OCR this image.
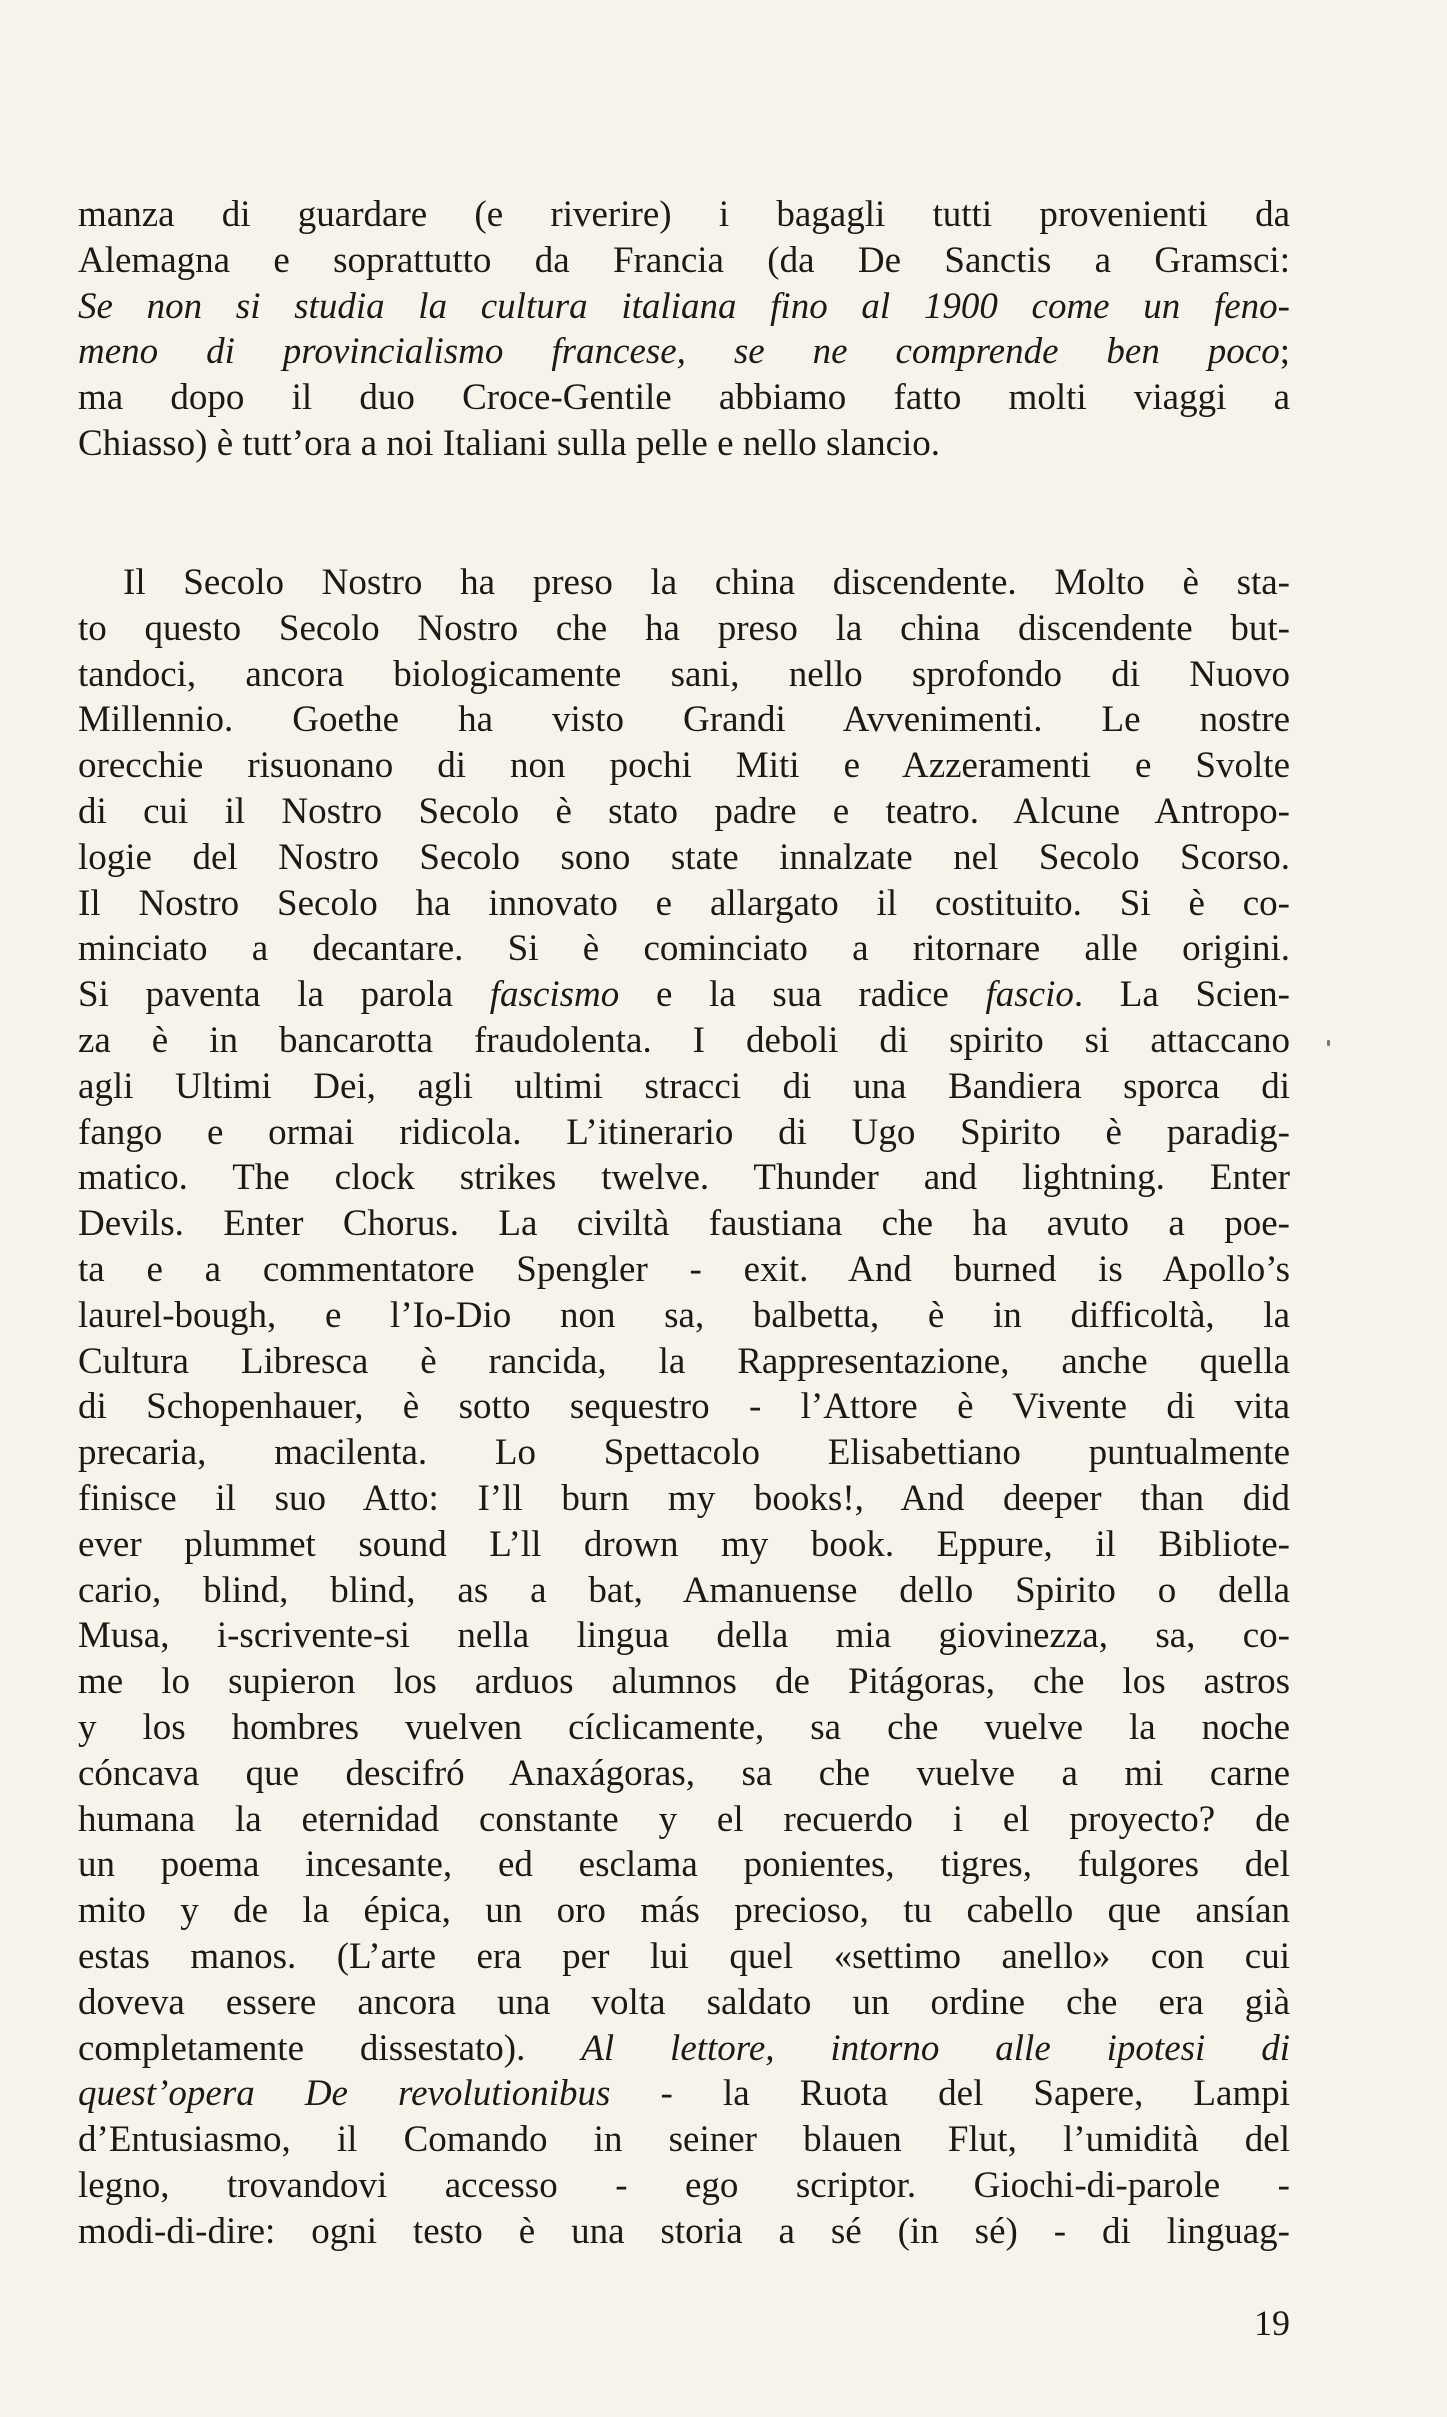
manza di guardare (e riverire) i bagagli tutti provenienti da
Alemagna e soprattutto da Francia (da De Sanctis a Gramsci:
Se non si studia la cultura italiana fino al 1900 come un feno-
meno di provincialismo francese, se ne comprende ben poco;
ma dopo il duo Croce-Gentile abbiamo fatto molti viaggi a
Chiasso) è tutt’ora a noi Italiani sulla pelle e nello slancio.
Il Secolo Nostro ha preso la china discendente. Molto è sta-
to questo Secolo Nostro che ha preso la china discendente but-
tandoci, ancora biologicamente sani, nello sprofondo di Nuovo
Millennio. Goethe ha visto Grandi Avvenimenti. Le nostre
orecchie risuonano di non pochi Miti e Azzeramenti e Svolte
di cui il Nostro Secolo è stato padre e teatro. Alcune Antropo-
logie del Nostro Secolo sono state innalzate nel Secolo Scorso.
Il Nostro Secolo ha innovato e allargato il costituito. Si è co-
minciato a decantare. Si è cominciato a ritornare alle origini.
Si paventa la parola fascismo e la sua radice fascio. La Scien-
za è in bancarotta fraudolenta. I deboli di spirito si attaccano
agli Ultimi Dei, agli ultimi stracci di una Bandiera sporca di
fango e ormai ridicola. L’itinerario di Ugo Spirito è paradig-
matico. The clock strikes twelve. Thunder and lightning. Enter
Devils. Enter Chorus. La civiltà faustiana che ha avuto a poe-
ta e a commentatore Spengler - exit. And burned is Apollo’s
laurel-bough, e l’Io-Dio non sa, balbetta, è in difficoltà, la
Cultura Libresca è rancida, la Rappresentazione, anche quella
di Schopenhauer, è sotto sequestro - l’Attore è Vivente di vita
precaria, macilenta. Lo Spettacolo Elisabettiano puntualmente
finisce il suo Atto: I’ll burn my books!, And deeper than did
ever plummet sound L’ll drown my book. Eppure, il Bibliote-
cario, blind, blind, as a bat, Amanuense dello Spirito o della
Musa, i-scrivente-si nella lingua della mia giovinezza, sa, co-
me lo supieron los arduos alumnos de Pitágoras, che los astros
y los hombres vuelven cíclicamente, sa che vuelve la noche
cóncava que descifró Anaxágoras, sa che vuelve a mi carne
humana la eternidad constante y el recuerdo i el proyecto? de
un poema incesante, ed esclama ponientes, tigres, fulgores del
mito y de la épica, un oro más precioso, tu cabello que ansían
estas manos. (L’arte era per lui quel «settimo anello» con cui
doveva essere ancora una volta saldato un ordine che era già
completamente dissestato). Al lettore, intorno alle ipotesi di
quest’opera De revolutionibus - la Ruota del Sapere, Lampi
d’Entusiasmo, il Comando in seiner blauen Flut, l’umidità del
legno, trovandovi accesso - ego scriptor. Giochi-di-parole -
modi-di-dire: ogni testo è una storia a sé (in sé) - di linguag-
19
